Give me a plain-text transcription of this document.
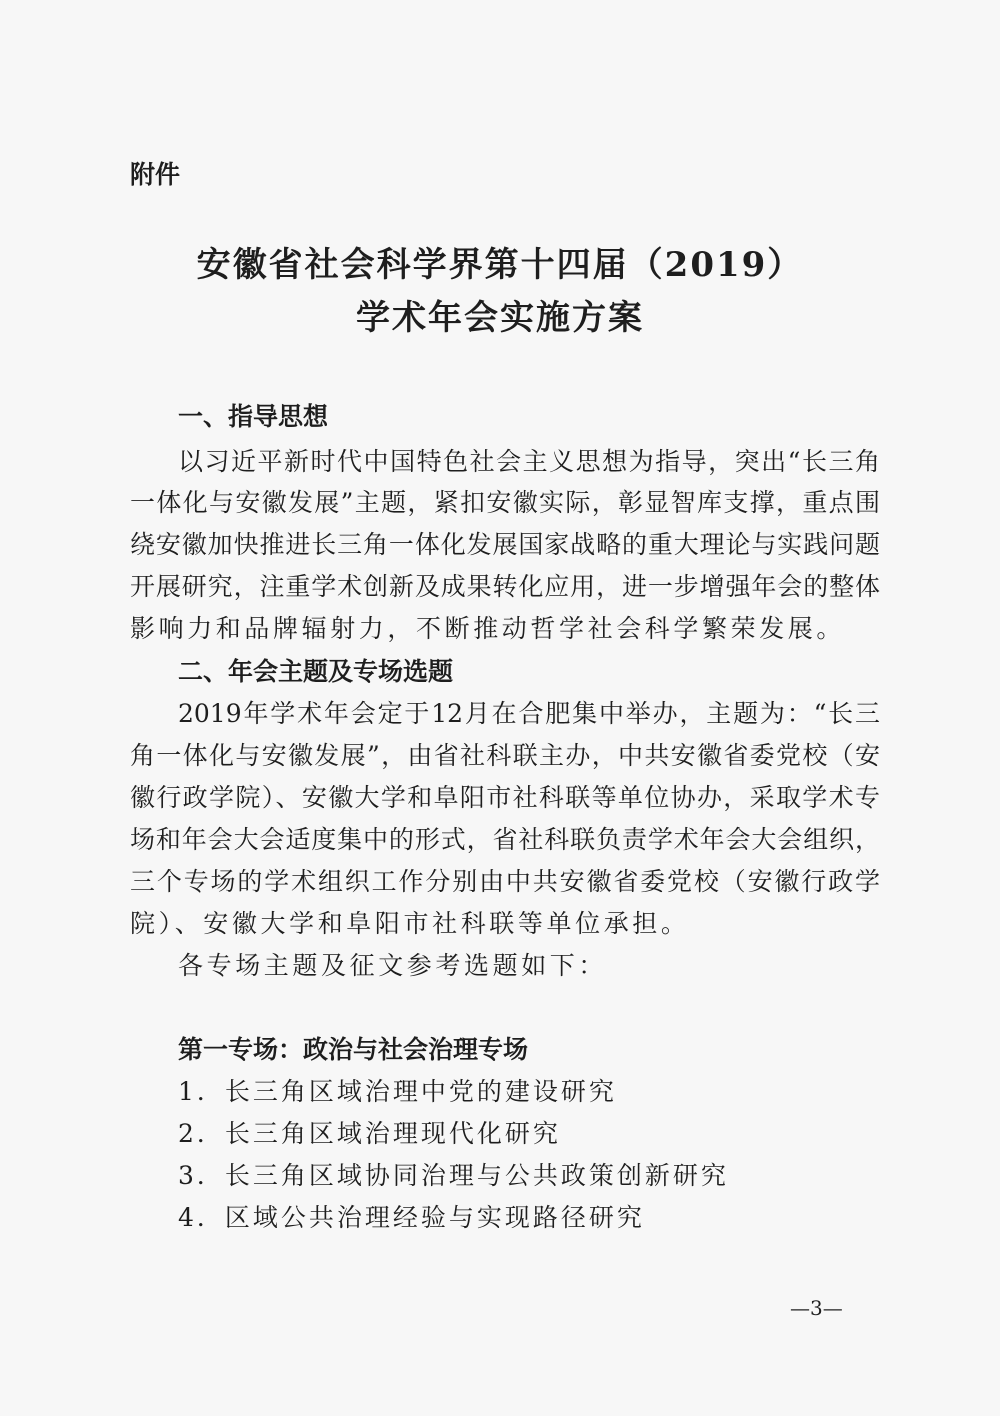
附件
安徽省社会科学界第十四届（2019）
学术年会实施方案
一、指导思想
以习近平新时代中国特色社会主义思想为指导，突出“长三角
一体化与安徽发展”主题，紧扣安徽实际，彰显智库支撑，重点围
绕安徽加快推进长三角一体化发展国家战略的重大理论与实践问题
开展研究，注重学术创新及成果转化应用，进一步增强年会的整体
影响力和品牌辐射力，不断推动哲学社会科学繁荣发展。
二、年会主题及专场选题
2019年学术年会定于12月在合肥集中举办，主题为：“长三
角一体化与安徽发展”，由省社科联主办，中共安徽省委党校（安
徽行政学院）、安徽大学和阜阳市社科联等单位协办，采取学术专
场和年会大会适度集中的形式，省社科联负责学术年会大会组织，
三个专场的学术组织工作分别由中共安徽省委党校（安徽行政学
院）、安徽大学和阜阳市社科联等单位承担。
各专场主题及征文参考选题如下：
第一专场：政治与社会治理专场
1．长三角区域治理中党的建设研究
2．长三角区域治理现代化研究
3．长三角区域协同治理与公共政策创新研究
4．区域公共治理经验与实现路径研究
—3—
